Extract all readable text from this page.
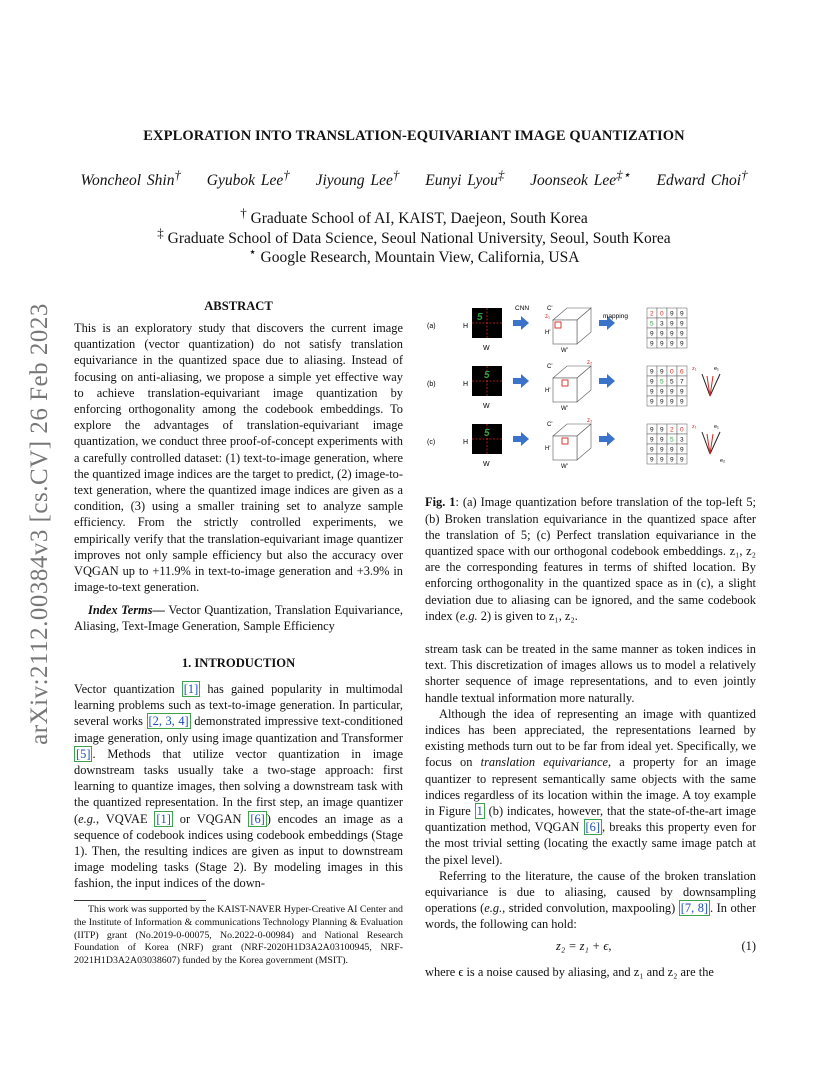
arXiv:2112.00384v3 [cs.CV] 26 Feb 2023
EXPLORATION INTO TRANSLATION-EQUIVARIANT IMAGE QUANTIZATION
Woncheol Shin† Gyubok Lee† Jiyoung Lee† Eunyi Lyou‡ Joonseok Lee‡⋆ Edward Choi†
† Graduate School of AI, KAIST, Daejeon, South Korea
‡ Graduate School of Data Science, Seoul National University, Seoul, South Korea
⋆ Google Research, Mountain View, California, USA
ABSTRACT

This is an exploratory study that discovers the current image quantization (vector quantization) do not satisfy translation equivariance in the quantized space due to aliasing. Instead of focusing on anti-aliasing, we propose a simple yet effective way to achieve translation-equivariant image quantization by enforcing orthogonality among the codebook embeddings. To explore the advantages of translation-equivariant image quantization, we conduct three proof-of-concept experiments with a carefully controlled dataset: (1) text-to-image generation, where the quantized image indices are the target to predict, (2) image-to-text generation, where the quantized image indices are given as a condition, (3) using a smaller training set to analyze sample efficiency. From the strictly controlled experiments, we empirically verify that the translation-equivariant image quantizer improves not only sample efficiency but also the accuracy over VQGAN up to +11.9% in text-to-image generation and +3.9% in image-to-text generation.

Index Terms— Vector Quantization, Translation Equivariance, Aliasing, Text-Image Generation, Sample Efficiency

1. INTRODUCTION

Vector quantization [1] has gained popularity in multimodal learning problems such as text-to-image generation. In particular, several works [2, 3, 4] demonstrated impressive text-conditioned image generation, only using image quantization and Transformer [5] . Methods that utilize vector quantization in image downstream tasks usually take a two-stage approach: first learning to quantize images, then solving a downstream task with the quantized representation. In the first step, an image quantizer (e.g., VQVAE [1] or VQGAN [6] ) encodes an image as a sequence of codebook indices using codebook embeddings (Stage 1). Then, the resulting indices are given as input to downstream image modeling tasks (Stage 2). By modeling images in this fashion, the input indices of the down-

This work was supported by the KAIST-NAVER Hyper-Creative AI Center and the Institute of Information & communications Technology Planning & Evaluation (IITP) grant (No.2019-0-00075, No.2022-0-00984) and National Research Foundation of Korea (NRF) grant (NRF-2020H1D3A2A03100945, NRF-2021H1D3A2A03038607) funded by the Korea government (MSIT).

(a)	H
5
W
CNN
H'
W'
C'
z₁	mapping	2 0 9 9
5 3 9 9
9 9 9 9
9 9 9 9
(b)	H
5
W
H'
W'
C'
z₂
9 9 0 6
9 5 5 7
9 9 9 9
9 9 9 9
e₁
z₁
(c)	H
5
W
H'
W'
C'
z₂
9 9 2 0
9 9 5 3
9 9 9 9
9 9 9 9
e₁
z₁
e₂

Fig. 1: (a) Image quantization before translation of the top-left 5; (b) Broken translation equivariance in the quantized space after the translation of 5; (c) Perfect translation equivariance in the quantized space with our orthogonal codebook embeddings. z₁, z₂ are the corresponding features in terms of shifted location. By enforcing orthogonality in the quantized space as in (c), a slight deviation due to aliasing can be ignored, and the same codebook index (e.g. 2) is given to z₁, z₂.

stream task can be treated in the same manner as token indices in text. This discretization of images allows us to model a relatively shorter sequence of image representations, and to even jointly handle textual information more naturally.

Although the idea of representing an image with quantized indices has been appreciated, the representations learned by existing methods turn out to be far from ideal yet. Specifically, we focus on translation equivariance, a property for an image quantizer to represent semantically same objects with the same indices regardless of its location within the image. A toy example in Figure 1 (b) indicates, however, that the state-of-the-art image quantization method, VQGAN [6] , breaks this property even for the most trivial setting (locating the exactly same image patch at the pixel level).

Referring to the literature, the cause of the broken translation equivariance is due to aliasing, caused by downsampling operations (e.g., strided convolution, maxpooling) [7, 8] . In other words, the following can hold:

z₂ = z₁ + ϵ,	(1)

where ϵ is a noise caused by aliasing, and z₁ and z₂ are the
